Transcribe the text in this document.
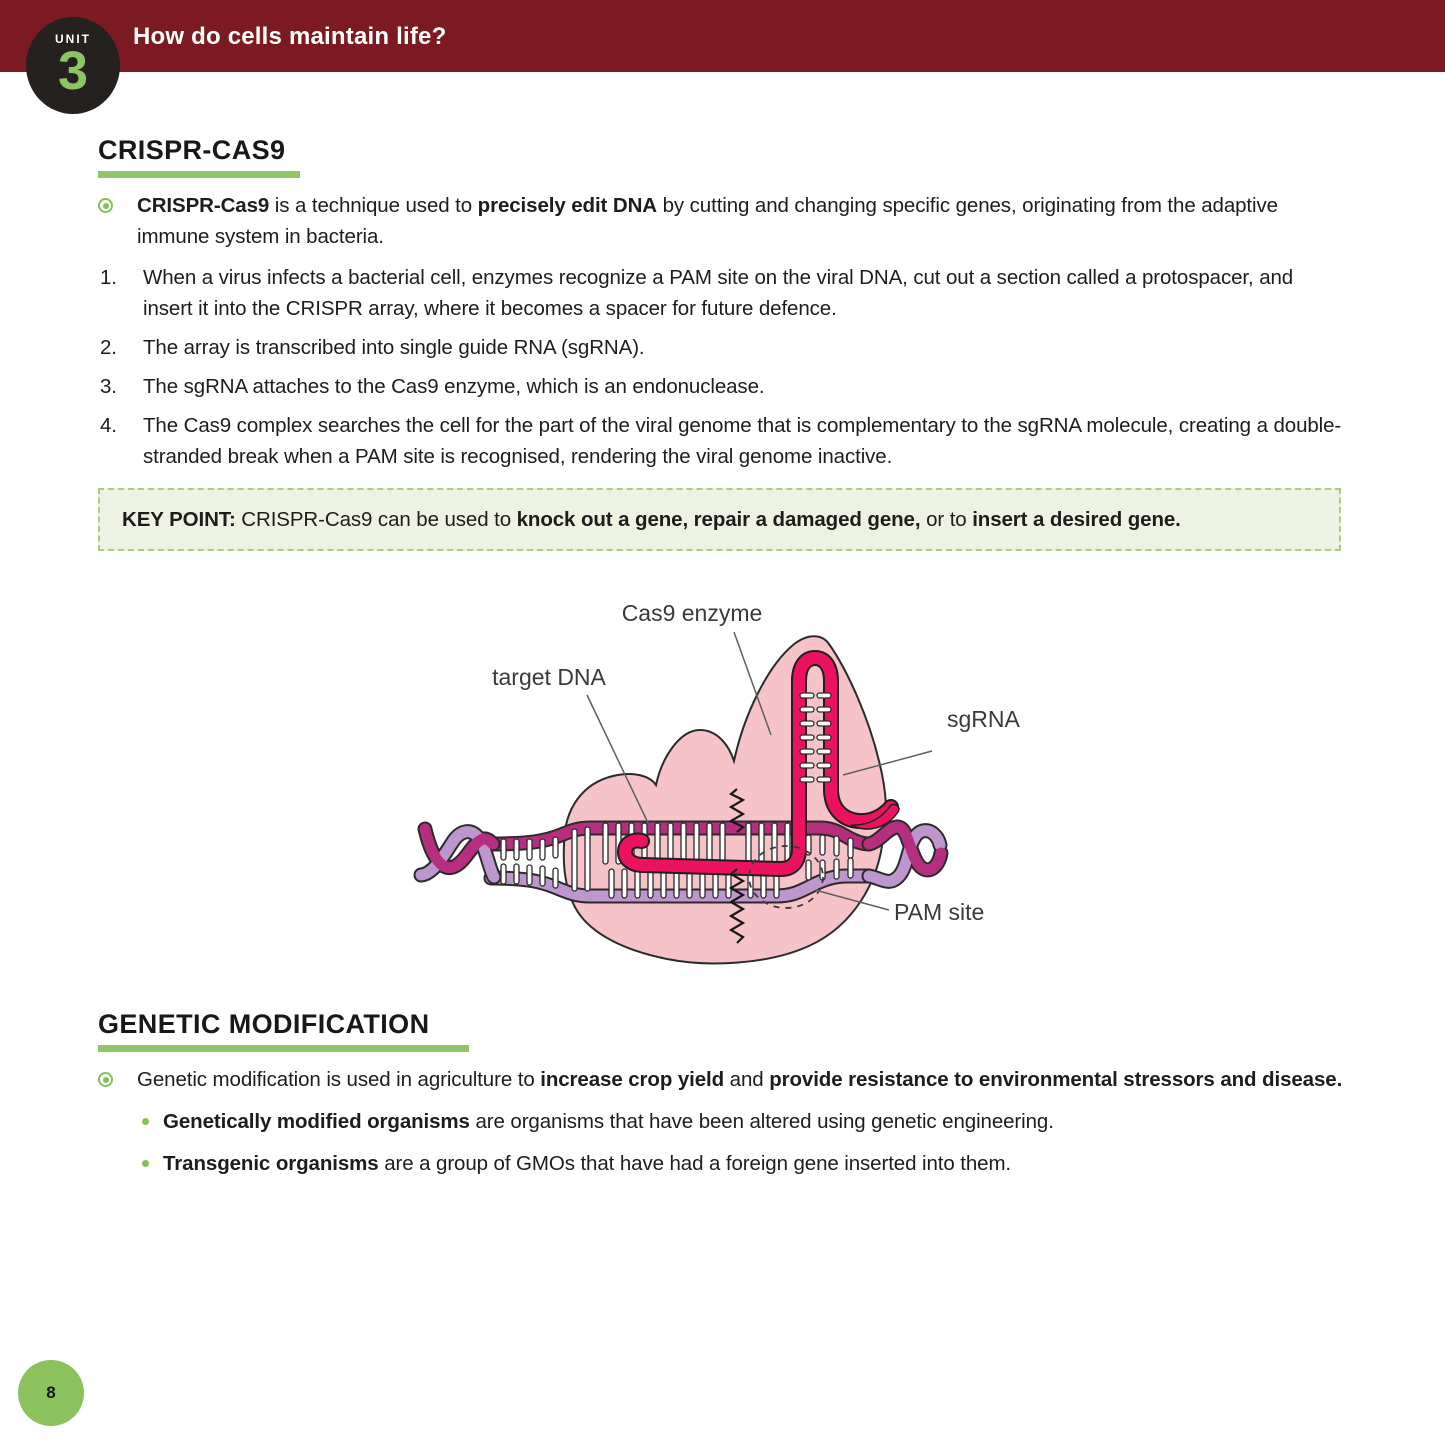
UNIT
3
How do cells maintain life?
CRISPR-CAS9
CRISPR-Cas9 is a technique used to precisely edit DNA by cutting and changing specific genes, originating from the adaptive immune system in bacteria.
1.	When a virus infects a bacterial cell, enzymes recognize a PAM site on the viral DNA, cut out a section called a protospacer, and insert it into the CRISPR array, where it becomes a spacer for future defence.
2.	The array is transcribed into single guide RNA (sgRNA).
3.	The sgRNA attaches to the Cas9 enzyme, which is an endonuclease.
4.	The Cas9 complex searches the cell for the part of the viral genome that is complementary to the sgRNA molecule, creating a double-stranded break when a PAM site is recognised, rendering the viral genome inactive.
KEY POINT: CRISPR-Cas9 can be used to knock out a gene, repair a damaged gene, or to insert a desired gene.
Cas9 enzyme
target DNA
sgRNA
PAM site
GENETIC MODIFICATION
Genetic modification is used in agriculture to increase crop yield and provide resistance to environmental stressors and disease.
Genetically modified organisms are organisms that have been altered using genetic engineering.
Transgenic organisms are a group of GMOs that have had a foreign gene inserted into them.
8
